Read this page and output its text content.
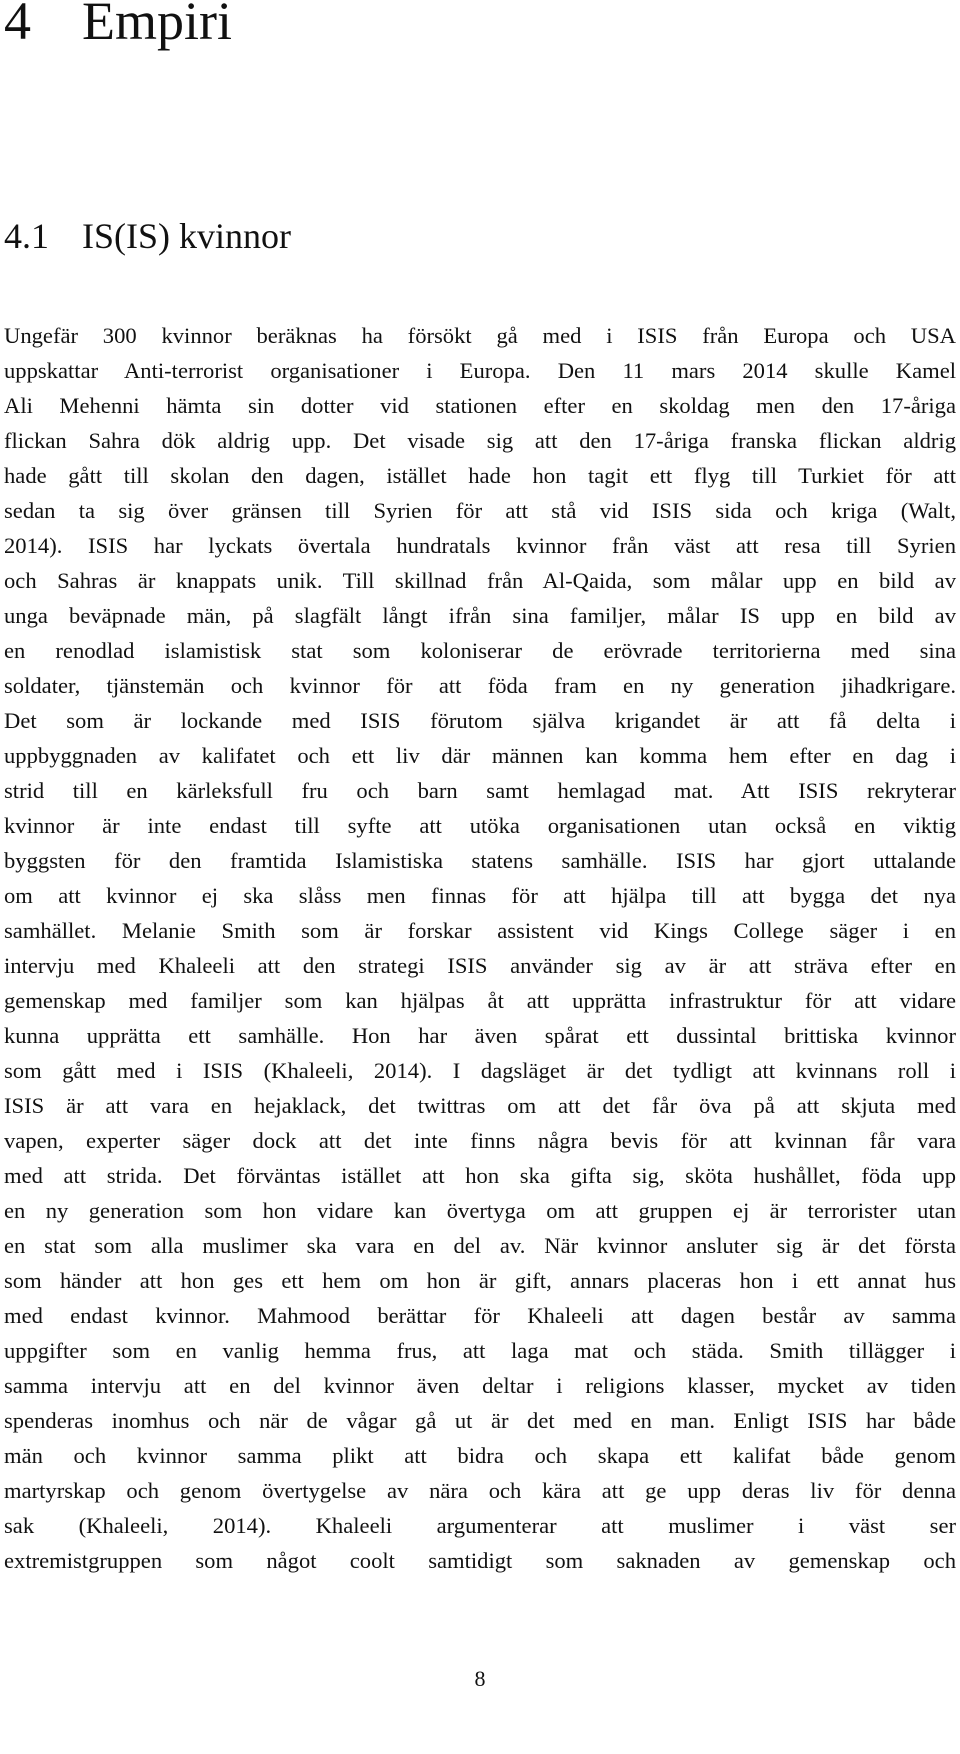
4 Empiri
4.1 IS(IS) kvinnor
Ungefär 300 kvinnor beräknas ha försökt gå med i ISIS från Europa och USA
uppskattar Anti-terrorist organisationer i Europa. Den 11 mars 2014 skulle Kamel
Ali Mehenni hämta sin dotter vid stationen efter en skoldag men den 17-åriga
flickan Sahra dök aldrig upp. Det visade sig att den 17-åriga franska flickan aldrig
hade gått till skolan den dagen, istället hade hon tagit ett flyg till Turkiet för att
sedan ta sig över gränsen till Syrien för att stå vid ISIS sida och kriga (Walt,
2014). ISIS har lyckats övertala hundratals kvinnor från väst att resa till Syrien
och Sahras är knappats unik. Till skillnad från Al-Qaida, som målar upp en bild av
unga beväpnade män, på slagfält långt ifrån sina familjer, målar IS upp en bild av
en renodlad islamistisk stat som koloniserar de erövrade territorierna med sina
soldater, tjänstemän och kvinnor för att föda fram en ny generation jihadkrigare.
Det som är lockande med ISIS förutom själva krigandet är att få delta i
uppbyggnaden av kalifatet och ett liv där männen kan komma hem efter en dag i
strid till en kärleksfull fru och barn samt hemlagad mat. Att ISIS rekryterar
kvinnor är inte endast till syfte att utöka organisationen utan också en viktig
byggsten för den framtida Islamistiska statens samhälle. ISIS har gjort uttalande
om att kvinnor ej ska slåss men finnas för att hjälpa till att bygga det nya
samhället. Melanie Smith som är forskar assistent vid Kings College säger i en
intervju med Khaleeli att den strategi ISIS använder sig av är att sträva efter en
gemenskap med familjer som kan hjälpas åt att upprätta infrastruktur för att vidare
kunna upprätta ett samhälle. Hon har även spårat ett dussintal brittiska kvinnor
som gått med i ISIS (Khaleeli, 2014). I dagsläget är det tydligt att kvinnans roll i
ISIS är att vara en hejaklack, det twittras om att det får öva på att skjuta med
vapen, experter säger dock att det inte finns några bevis för att kvinnan får vara
med att strida. Det förväntas istället att hon ska gifta sig, sköta hushållet, föda upp
en ny generation som hon vidare kan övertyga om att gruppen ej är terrorister utan
en stat som alla muslimer ska vara en del av. När kvinnor ansluter sig är det första
som händer att hon ges ett hem om hon är gift, annars placeras hon i ett annat hus
med endast kvinnor. Mahmood berättar för Khaleeli att dagen består av samma
uppgifter som en vanlig hemma frus, att laga mat och städa. Smith tillägger i
samma intervju att en del kvinnor även deltar i religions klasser, mycket av tiden
spenderas inomhus och när de vågar gå ut är det med en man. Enligt ISIS har både
män och kvinnor samma plikt att bidra och skapa ett kalifat både genom
martyrskap och genom övertygelse av nära och kära att ge upp deras liv för denna
sak (Khaleeli, 2014). Khaleeli argumenterar att muslimer i väst ser
extremistgruppen som något coolt samtidigt som saknaden av gemenskap och
8
